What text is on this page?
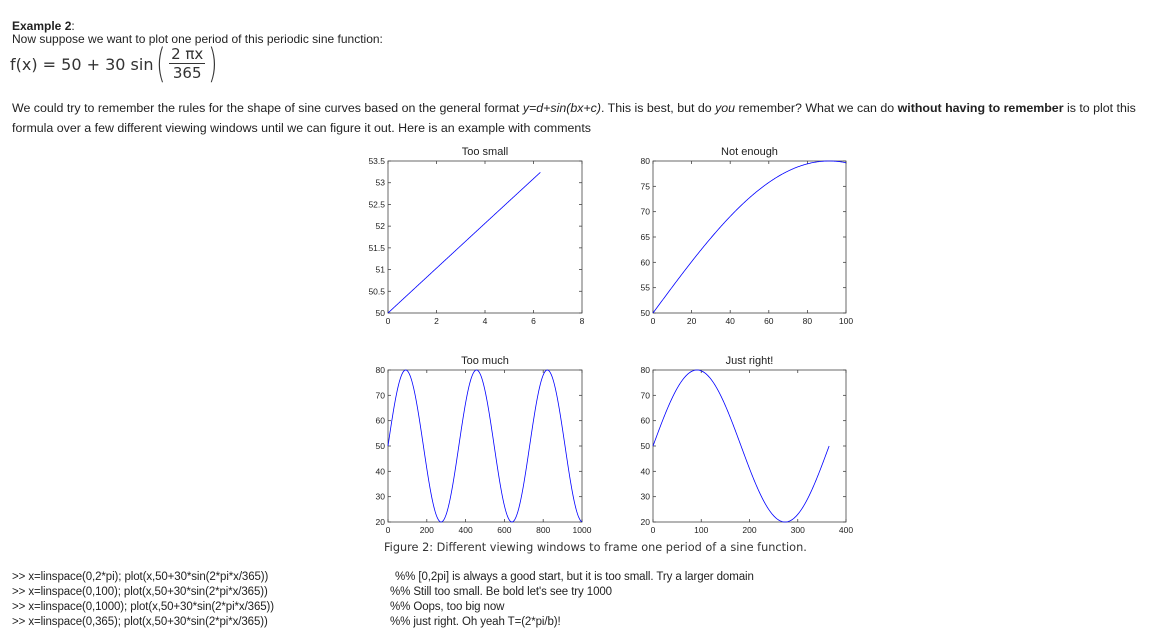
Example 2:
Now suppose we want to plot one period of this periodic sine function:
f(x) = 50 + 30 sin ( $\frac{2 \pi x}{365}$ )
We could try to remember the rules for the shape of sine curves based on the general format y=d+sin(bx+c). This is best, but do you remember? What we can do without having to remember is to plot this formula over a few different viewing windows until we can figure it out. Here is an example with comments
Too small
0	2	4	6	8
50
50.5
51
51.5
52
52.5
53
53.5
Not enough
0	20	40	60	80	100
50
55
60
65
70
75
80
Too much
0	200	400	600	800	1000
20
30
40
50
60
70
80
Just right!
0	100	200	300	400
20
30
40
50
60
70
80
Figure 2: Different viewing windows to frame one period of a sine function.
>> x=linspace(0,2*pi); plot(x,50+30*sin(2*pi*x/365))
>> x=linspace(0,100); plot(x,50+30*sin(2*pi*x/365))
>> x=linspace(0,1000); plot(x,50+30*sin(2*pi*x/365))
>> x=linspace(0,365); plot(x,50+30*sin(2*pi*x/365))
%% [0,2pi] is always a good start, but it is too small. Try a larger domain
%% Still too small. Be bold let's see try 1000
%% Oops, too big now
%% just right. Oh yeah T=(2*pi/b)!
